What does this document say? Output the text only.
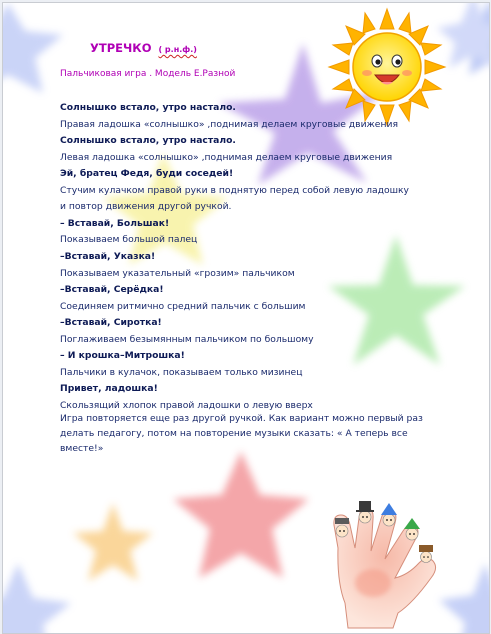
УТРЕЧКО ( р.н.ф.)
Пальчиковая игра . Модель Е.Разной
Солнышко встало, утро настало.
Правая ладошка «солнышко» ,поднимая делаем круговые движения
Солнышко встало, утро настало.
Левая ладошка «солнышко» ,поднимая делаем круговые движения
Эй, братец Федя, буди соседей!
Стучим кулачком правой руки в поднятую перед собой левую ладошку
и повтор движения другой ручкой.
– Вставай, Большак!
Показываем большой палец
–Вставай, Указка!
Показываем указательный «грозим» пальчиком
–Вставай, Серёдка!
Соединяем ритмично средний пальчик с большим
–Вставай, Сиротка!
Поглаживаем безымянным пальчиком по большому
– И крошка–Митрошка!
Пальчики в кулачок, показываем только мизинец
Привет, ладошка!
Скользящий хлопок правой ладошки о левую вверх
Игра повторяется еще раз другой ручкой. Как вариант можно первый раз делать педагогу, потом на повторение музыки сказать: « А теперь все вместе!»
